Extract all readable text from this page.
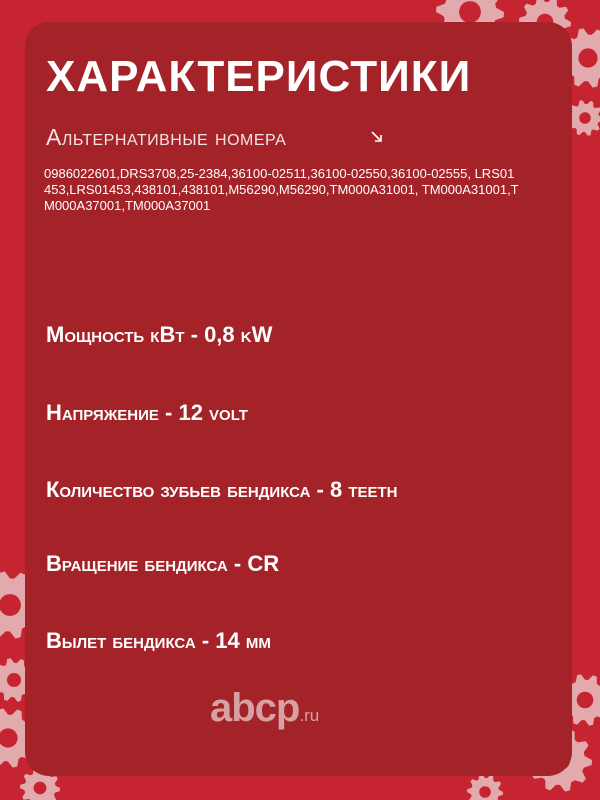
ХАРАКТЕРИСТИКИ
Альтернативные номера
0986022601,DRS3708,25-2384,36100-02511,36100-02550,36100-02555, LRS01453,LRS01453,438101,438101,M56290,M56290,TM000A31001, TM000A31001,TM000A37001,TM000A37001
Мощность кВт - 0,8 kW
Напряжение - 12 volt
Количество зубьев бендикса - 8 teeth
Вращение бендикса - CR
Вылет бендикса - 14 мм
abcp.ru
